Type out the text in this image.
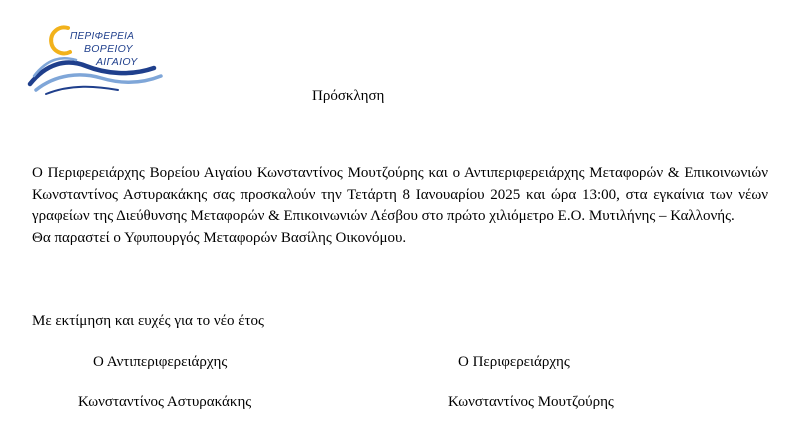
ΠΕΡΙΦΕΡΕΙΑ
ΒΟΡΕΙΟΥ
ΑΙΓΑΙΟΥ
Πρόσκληση

Ο Περιφερειάρχης Βορείου Αιγαίου Κωνσταντίνος Μουτζούρης και ο Αντιπεριφερειάρχης Μεταφορών & Επικοινωνιών Κωνσταντίνος Αστυρακάκης σας προσκαλούν την Τετάρτη 8 Ιανουαρίου 2025 και ώρα 13:00, στα εγκαίνια των νέων γραφείων της Διεύθυνσης Μεταφορών & Επικοινωνιών Λέσβου στο πρώτο χιλιόμετρο Ε.Ο. Μυτιλήνης – Καλλονής.

Θα παραστεί ο Υφυπουργός Μεταφορών Βασίλης Οικονόμου.

Με εκτίμηση και ευχές για το νέο έτος
Ο Αντιπεριφερειάρχης
Κωνσταντίνος Αστυρακάκης
Ο Περιφερειάρχης
Κωνσταντίνος Μουτζούρης
